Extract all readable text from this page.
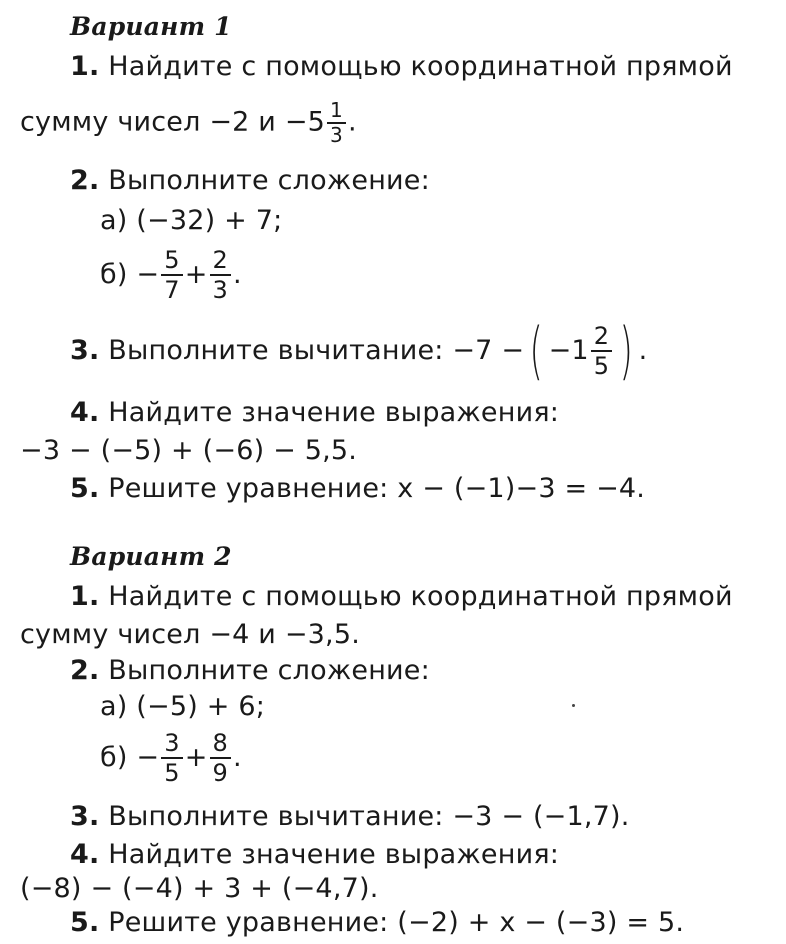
Вариант 1
1. Найдите с помощью координатной прямой
сумму чисел −2 $и -5 \frac{1}{3}$ .
2. Выполните сложение:
а) (−32) + 7;
б)
− $\frac{5}{7} + \frac{2}{3}$ .
3.
Выполните вычитание:
−7 − ( $-1 \frac{2}{5}$ ) .
4. Найдите значение выражения:
−3 − (−5) + (−6) − 5,5.
5. Решите уравнение: x − (−1)−3 = −4.
Вариант 2
1. Найдите с помощью координатной прямой
сумму чисел −4 и −3,5.
2. Выполните сложение:
а) (−5) + 6;
б)
− $\frac{3}{5} + \frac{8}{9}$ .
3. Выполните вычитание: −3 − (−1,7).
4. Найдите значение выражения:
(−8) − (−4) + 3 + (−4,7).
5. Решите уравнение: (−2) + x − (−3) = 5.
